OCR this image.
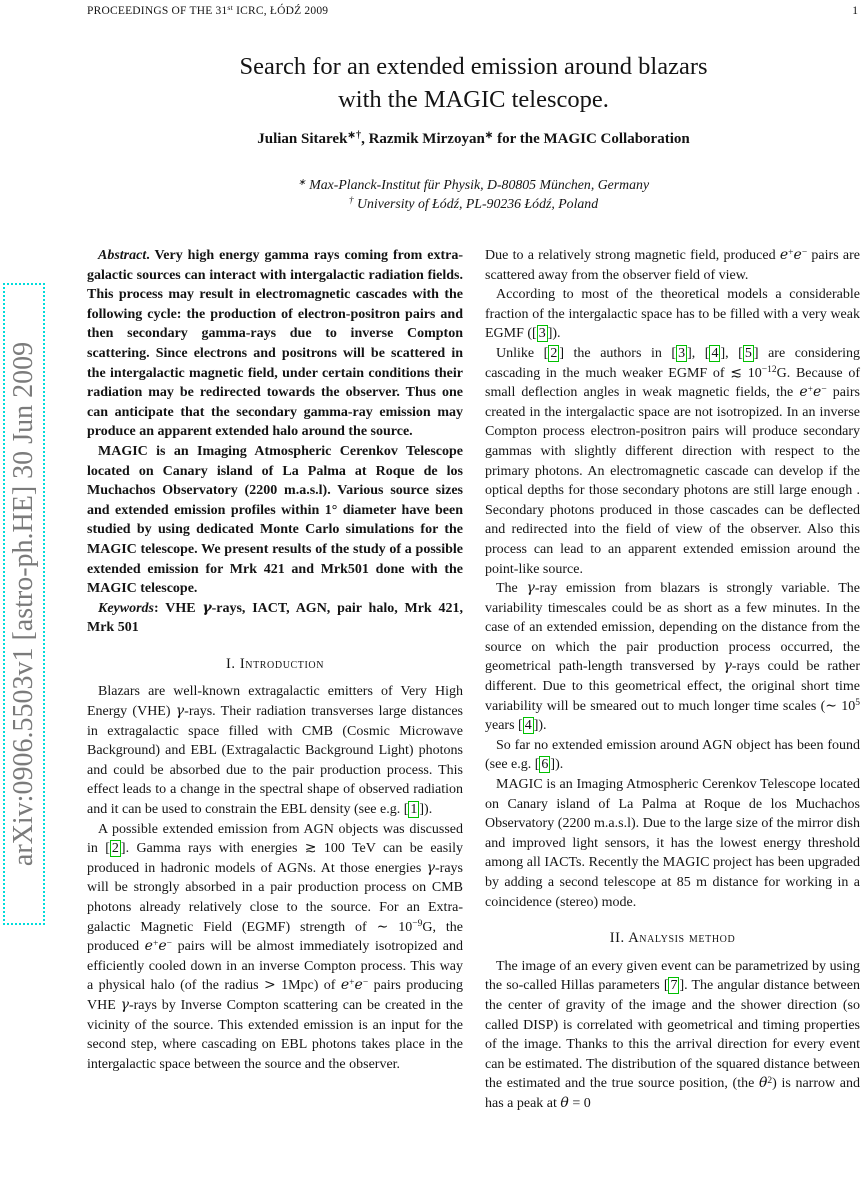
PROCEEDINGS OF THE 31st ICRC, ŁÓDŹ 2009	1
Search for an extended emission around blazars
with the MAGIC telescope.
Julian Sitarek∗†, Razmik Mirzoyan∗ for the MAGIC Collaboration
∗ Max-Planck-Institut für Physik, D-80805 München, Germany
† University of Łódź, PL-90236 Łódź, Poland
arXiv:0906.5503v1 [astro-ph.HE] 30 Jun 2009

Abstract. Very high energy gamma rays coming from extra-galactic sources can interact with intergalactic radiation fields. This process may result in electromagnetic cascades with the following cycle: the production of electron-positron pairs and then secondary gamma-rays due to inverse Compton scattering. Since electrons and positrons will be scattered in the intergalactic magnetic field, under certain conditions their radiation may be redirected towards the observer. Thus one can anticipate that the secondary gamma-ray emission may produce an apparent extended halo around the source.

MAGIC is an Imaging Atmospheric Cerenkov Telescope located on Canary island of La Palma at Roque de los Muchachos Observatory (2200 m.a.s.l). Various source sizes and extended emission profiles within 1° diameter have been studied by using dedicated Monte Carlo simulations for the MAGIC telescope. We present results of the study of a possible extended emission for Mrk 421 and Mrk501 done with the MAGIC telescope.

Keywords: VHE γ-rays, IACT, AGN, pair halo, Mrk 421, Mrk 501

I. Introduction

Blazars are well-known extragalactic emitters of Very High Energy (VHE) γ-rays. Their radiation transverses large distances in extragalactic space filled with CMB (Cosmic Microwave Background) and EBL (Extragalactic Background Light) photons and could be absorbed due to the pair production process. This effect leads to a change in the spectral shape of observed radiation and it can be used to constrain the EBL density (see e.g. [ 1 ]).

A possible extended emission from AGN objects was discussed in [ 2 ]. Gamma rays with energies ≳ 100 TeV can be easily produced in hadronic models of AGNs. At those energies γ-rays will be strongly absorbed in a pair production process on CMB photons already relatively close to the source. For an Extra-galactic Magnetic Field (EGMF) strength of ∼ $10^{-9}G$, the produced e+e− pairs will be almost immediately isotropized and efficiently cooled down in an inverse Compton process. This way a physical halo (of the radius > 1Mpc) of e+e− pairs producing VHE γ-rays by Inverse Compton scattering can be created in the vicinity of the source. This extended emission is an input for the second step, where cascading on EBL photons takes place in the intergalactic space between the source and the observer.

Due to a relatively strong magnetic field, produced e+e− pairs are scattered away from the observer field of view.

According to most of the theoretical models a considerable fraction of the intergalactic space has to be filled with a very weak EGMF ([ 3 ]).

Unlike [ 2 ] the authors in [ 3 ], [ 4 ], [ 5 ] are considering cascading in the much weaker EGMF of ≲ $10^{-12}G$. Because of small deflection angles in weak magnetic fields, the e+e− pairs created in the intergalactic space are not isotropized. In an inverse Compton process electron-positron pairs will produce secondary gammas with slightly different direction with respect to the primary photons. An electromagnetic cascade can develop if the optical depths for those secondary photons are still large enough . Secondary photons produced in those cascades can be deflected and redirected into the field of view of the observer. Also this process can lead to an apparent extended emission around the point-like source.

The γ-ray emission from blazars is strongly variable. The variability timescales could be as short as a few minutes. In the case of an extended emission, depending on the distance from the source on which the pair production process occurred, the geometrical path-length transversed by γ-rays could be rather different. Due to this geometrical effect, the original short time variability will be smeared out to much longer time scales (∼ $10^5$ years [ 4 ]).

So far no extended emission around AGN object has been found (see e.g. [ 6 ]).

MAGIC is an Imaging Atmospheric Cerenkov Telescope located on Canary island of La Palma at Roque de los Muchachos Observatory (2200 m.a.s.l). Due to the large size of the mirror dish and improved light sensors, it has the lowest energy threshold among all IACTs. Recently the MAGIC project has been upgraded by adding a second telescope at 85 m distance for working in a coincidence (stereo) mode.

II. Analysis method

The image of an every given event can be parametrized by using the so-called Hillas parameters [ 7 ]. The angular distance between the center of gravity of the image and the shower direction (so called DISP) is correlated with geometrical and timing properties of the image. Thanks to this the arrival direction for every event can be estimated. The distribution of the squared distance between the estimated and the true source position, (the $\theta^2$) is narrow and has a peak at θ = 0
